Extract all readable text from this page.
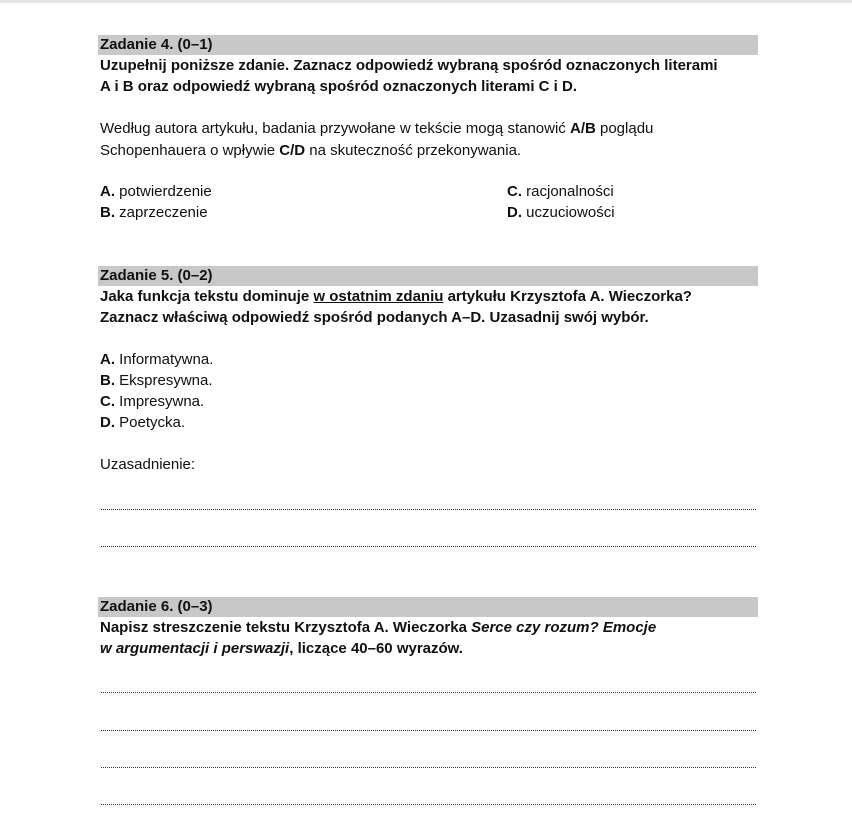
Zadanie 4. (0–1)
Uzupełnij poniższe zdanie. Zaznacz odpowiedź wybraną spośród oznaczonych literami
A i B oraz odpowiedź wybraną spośród oznaczonych literami C i D.
Według autora artykułu, badania przywołane w tekście mogą stanowić A/B poglądu
Schopenhauera o wpływie C/D na skuteczność przekonywania.
A. potwierdzenie
B. zaprzeczenie
C. racjonalności
D. uczuciowości
Zadanie 5. (0–2)
Jaka funkcja tekstu dominuje w ostatnim zdaniu artykułu Krzysztofa A. Wieczorka?
Zaznacz właściwą odpowiedź spośród podanych A–D. Uzasadnij swój wybór.
A. Informatywna.
B. Ekspresywna.
C. Impresywna.
D. Poetycka.
Uzasadnienie:
Zadanie 6. (0–3)
Napisz streszczenie tekstu Krzysztofa A. Wieczorka Serce czy rozum? Emocje
w argumentacji i perswazji, liczące 40–60 wyrazów.
